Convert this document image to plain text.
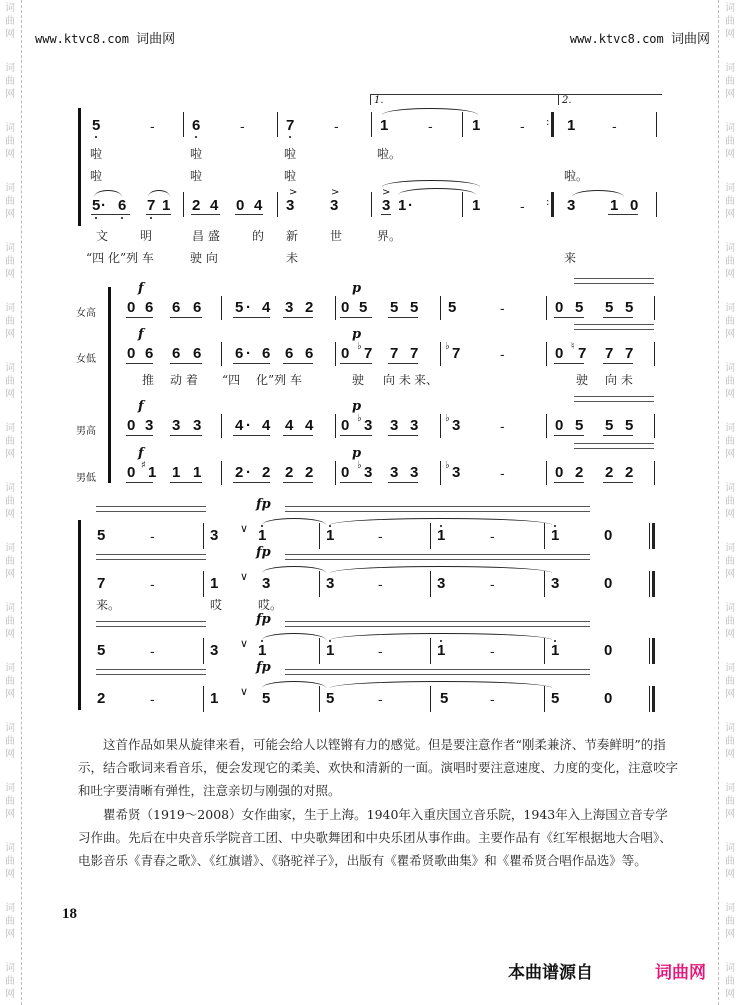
词
曲
网
词
曲
网
词
曲
网
词
曲
网
词
曲
网
词
曲
网
词
曲
网
词
曲
网
词
曲
网
词
曲
网
词
曲
网
词
曲
网
词
曲
网
词
曲
网
词
曲
网
词
曲
网
词
曲
网
词
曲
网
词
曲
网
词
曲
网
词
曲
网
词
曲
网
词
曲
网
词
曲
网
词
曲
网
词
曲
网
词
曲
网
词
曲
网
词
曲
网
词
曲
网
词
曲
网
词
曲
网
词
曲
网
词
曲
网
www.ktvc8.com 词曲网	www.ktvc8.com 词曲网
1.	2.
5	- 6	-	7	-	1	-	1	-	1	-
啦	啦	啦	啦。
啦	啦	啦	啦。
5 · 6 7 1 2 4 0 4 3 3	3 1 ·	1	-	3 1 0
文	明	昌 盛	的 新	世	界。
“四 化”列 车	驶 向	未	来
:
:
>	>	>
女高
f	p
0 6 6 6 5 · 4 3 2 0 5 5 5 5	-	0 5 5 5
女低
f	p
0 6 6 6 6 · 6 6 6 0 7
♭ 7 7 7
♭	-	0 7
♮ 7 7
男高
f	p
0 3 3 3 4 · 4 4 4 0 3
♭ 3 3 3
♭	-	0 5 5 5
男低
f	p
0 1
♯ 1 1 2 · 2 2 2 0 3
♭ 3 3 3
♭	-	0 2 2 2
推 动 着 “四 化”列 车	驶 向 未 来、	驶 向 未
5	-	3	1	1	-	1	-	1	0
fp
∨
7	-	1	3	3	-	3	-	3	0
fp
∨
5	-	3	1	1	-	1	-	1	0
fp
∨
2	-	1	5	5	-	5	-	5	0
fp
∨
来。	哎	哎。
这首作品如果从旋律来看，可能会给人以铿锵有力的感觉。但是要注意作者“刚柔兼济、节奏鲜明”的指示，结合歌词来看音乐，便会发现它的柔美、欢快和清新的一面。演唱时要注意速度、力度的变化，注意咬字和吐字要清晰有弹性，注意亲切与刚强的对照。
瞿希贤（1919～2008）女作曲家，生于上海。1940年入重庆国立音乐院，1943年入上海国立音专学习作曲。先后在中央音乐学院音工团、中央歌舞团和中央乐团从事作曲。主要作品有《红军根据地大合唱》、电影音乐《青春之歌》、《红旗谱》、《骆驼祥子》，出版有《瞿希贤歌曲集》和《瞿希贤合唱作品选》等。
18
本曲谱源自	词曲网
